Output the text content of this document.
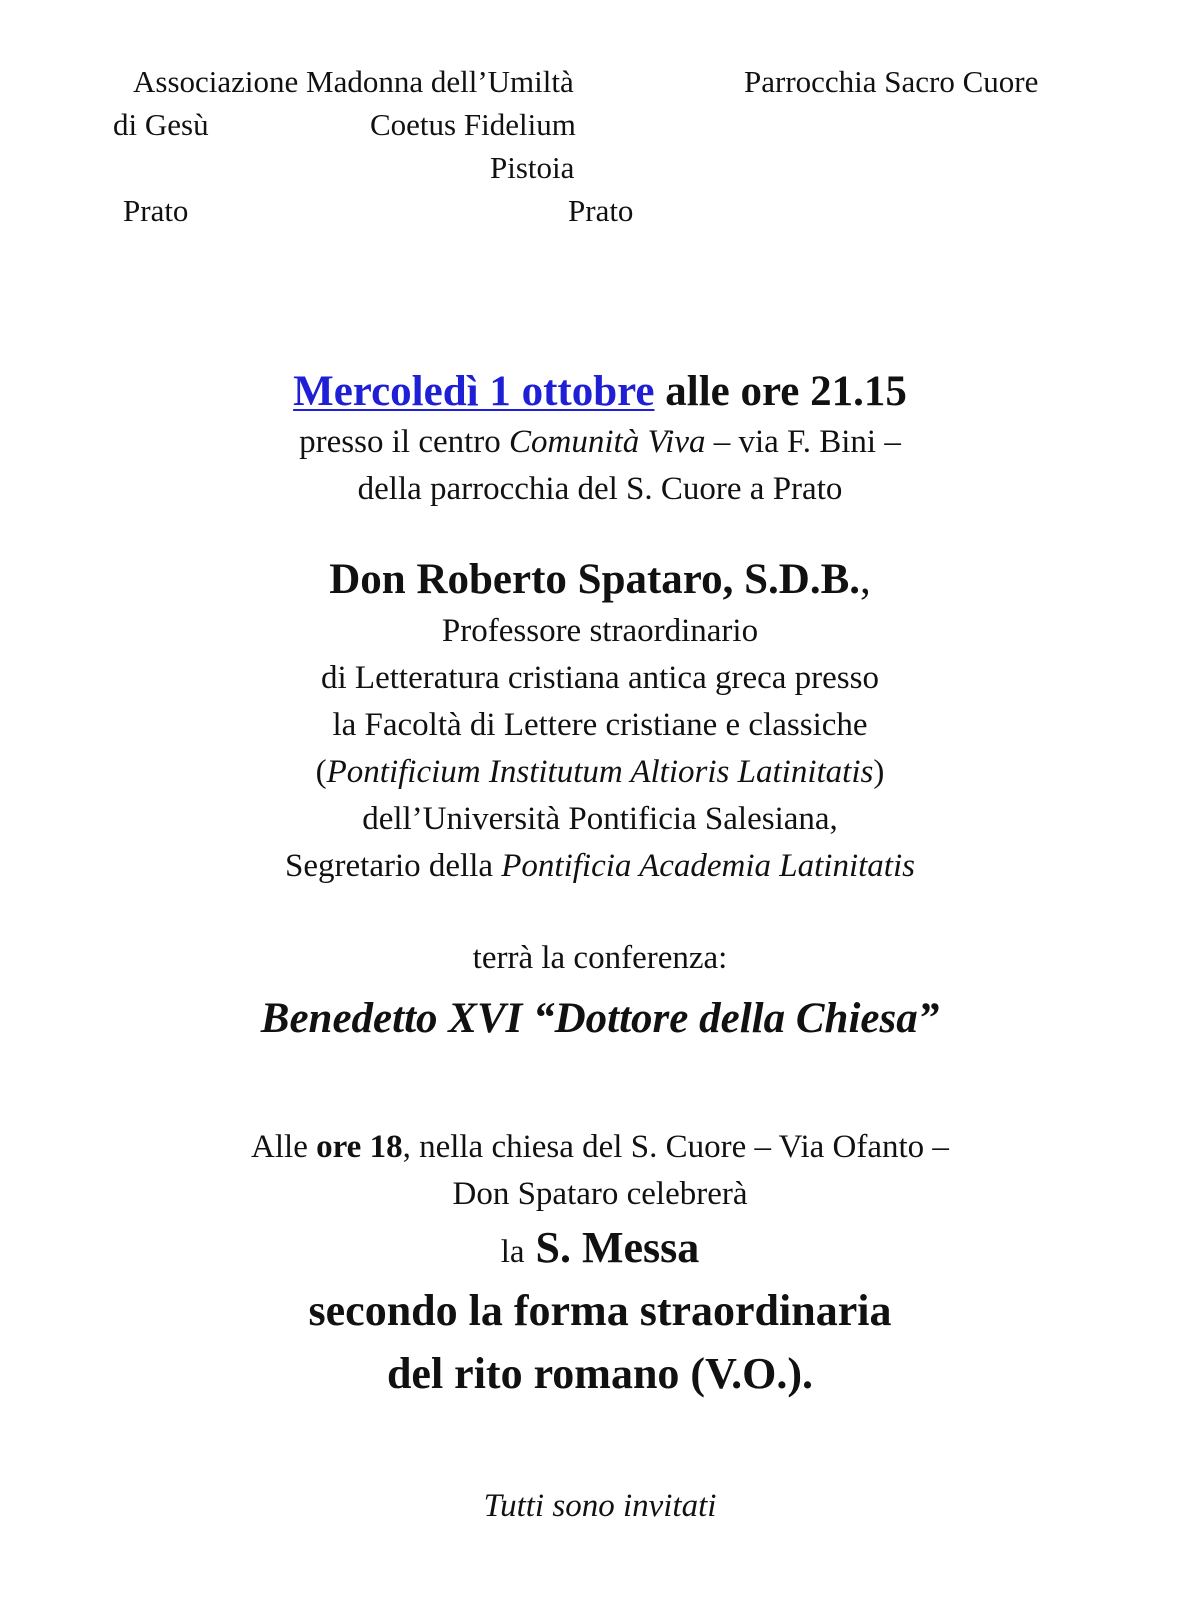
Associazione Madonna dell’Umiltà	Parrocchia Sacro Cuore
di Gesù	Coetus Fidelium
Pistoia
Prato	Prato
Mercoledì 1 ottobre alle ore 21.15
presso il centro Comunità Viva – via F. Bini –
della parrocchia del S. Cuore a Prato
Don Roberto Spataro, S.D.B.,
Professore straordinario
di Letteratura cristiana antica greca presso
la Facoltà di Lettere cristiane e classiche
(Pontificium Institutum Altioris Latinitatis)
dell’Università Pontificia Salesiana,
Segretario della Pontificia Academia Latinitatis
terrà la conferenza:
Benedetto XVI “Dottore della Chiesa”
Alle ore 18, nella chiesa del S. Cuore – Via Ofanto –
Don Spataro celebrerà
la S. Messa
secondo la forma straordinaria
del rito romano (V.O.).
Tutti sono invitati
